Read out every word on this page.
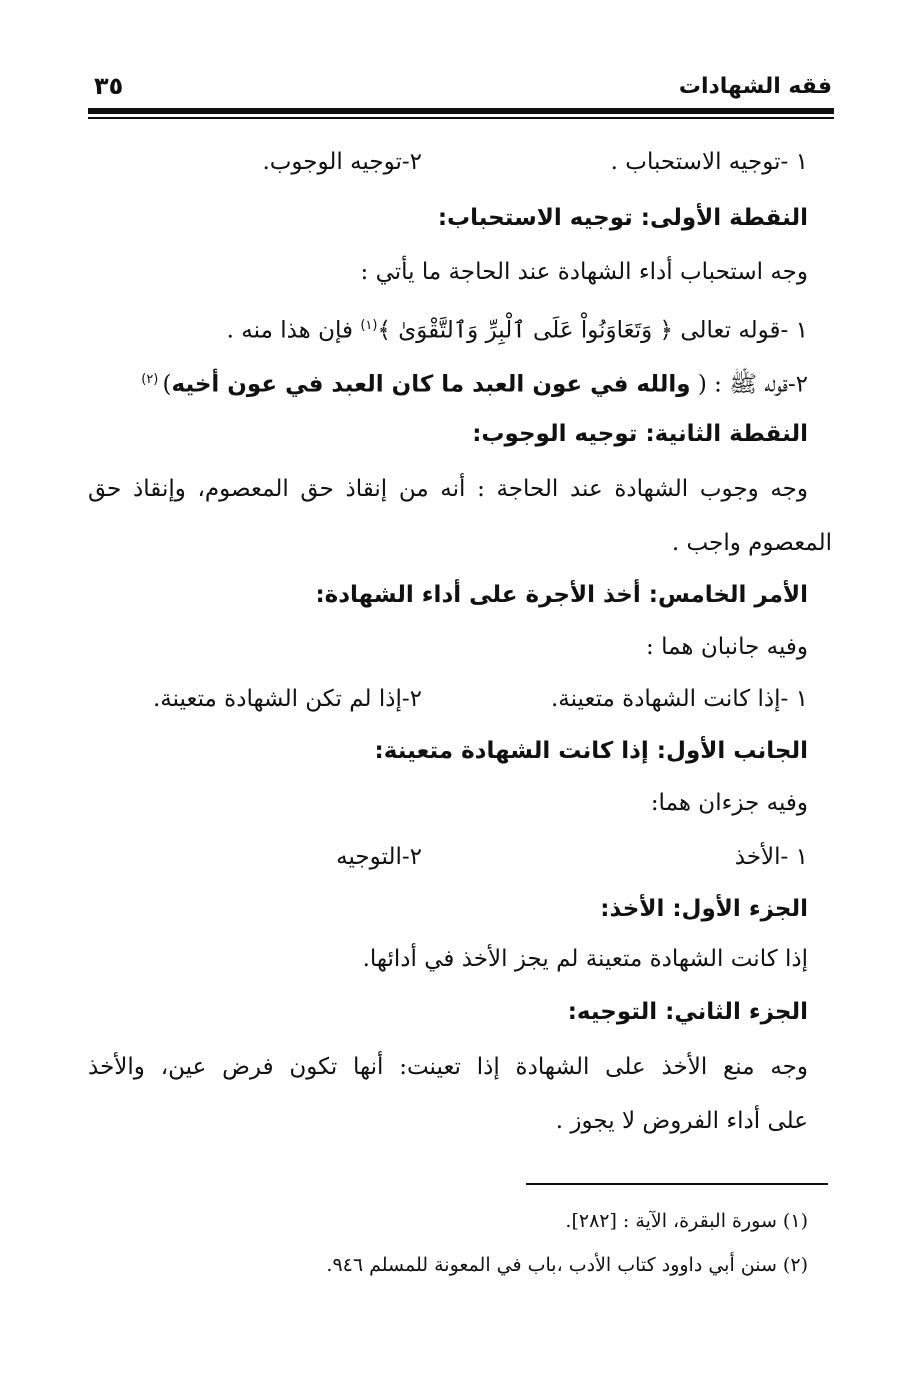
فقه الشهادات
٣٥
١ -توجيه الاستحباب .
٢-توجيه الوجوب.
النقطة الأولى: توجيه الاستحباب:
وجه استحباب أداء الشهادة عند الحاجة ما يأتي :
١ -قوله تعالى ﴿ وَتَعَاوَنُواْ عَلَى ٱلْبِرِّ وَٱلتَّقْوَىٰ ﴾$^{(١)}$ فإن هذا منه .
٢-قوله ﷺ : ( والله في عون العبد ما كان العبد في عون أخيه) $^{(٢)}$
النقطة الثانية: توجيه الوجوب:
وجه وجوب الشهادة عند الحاجة : أنه من إنقاذ حق المعصوم، وإنقاذ حق
المعصوم واجب .
الأمر الخامس: أخذ الأجرة على أداء الشهادة:
وفيه جانبان هما :
١ -إذا كانت الشهادة متعينة.
٢-إذا لم تكن الشهادة متعينة.
الجانب الأول: إذا كانت الشهادة متعينة:
وفيه جزءان هما:
١ -الأخذ
٢-التوجيه
الجزء الأول: الأخذ:
إذا كانت الشهادة متعينة لم يجز الأخذ في أدائها.
الجزء الثاني: التوجيه:
وجه منع الأخذ على الشهادة إذا تعينت: أنها تكون فرض عين، والأخذ
على أداء الفروض لا يجوز .
(١) سورة البقرة، الآية : [٢٨٢].
(٢) سنن أبي داوود كتاب الأدب ،باب في المعونة للمسلم ٩٤٦.
